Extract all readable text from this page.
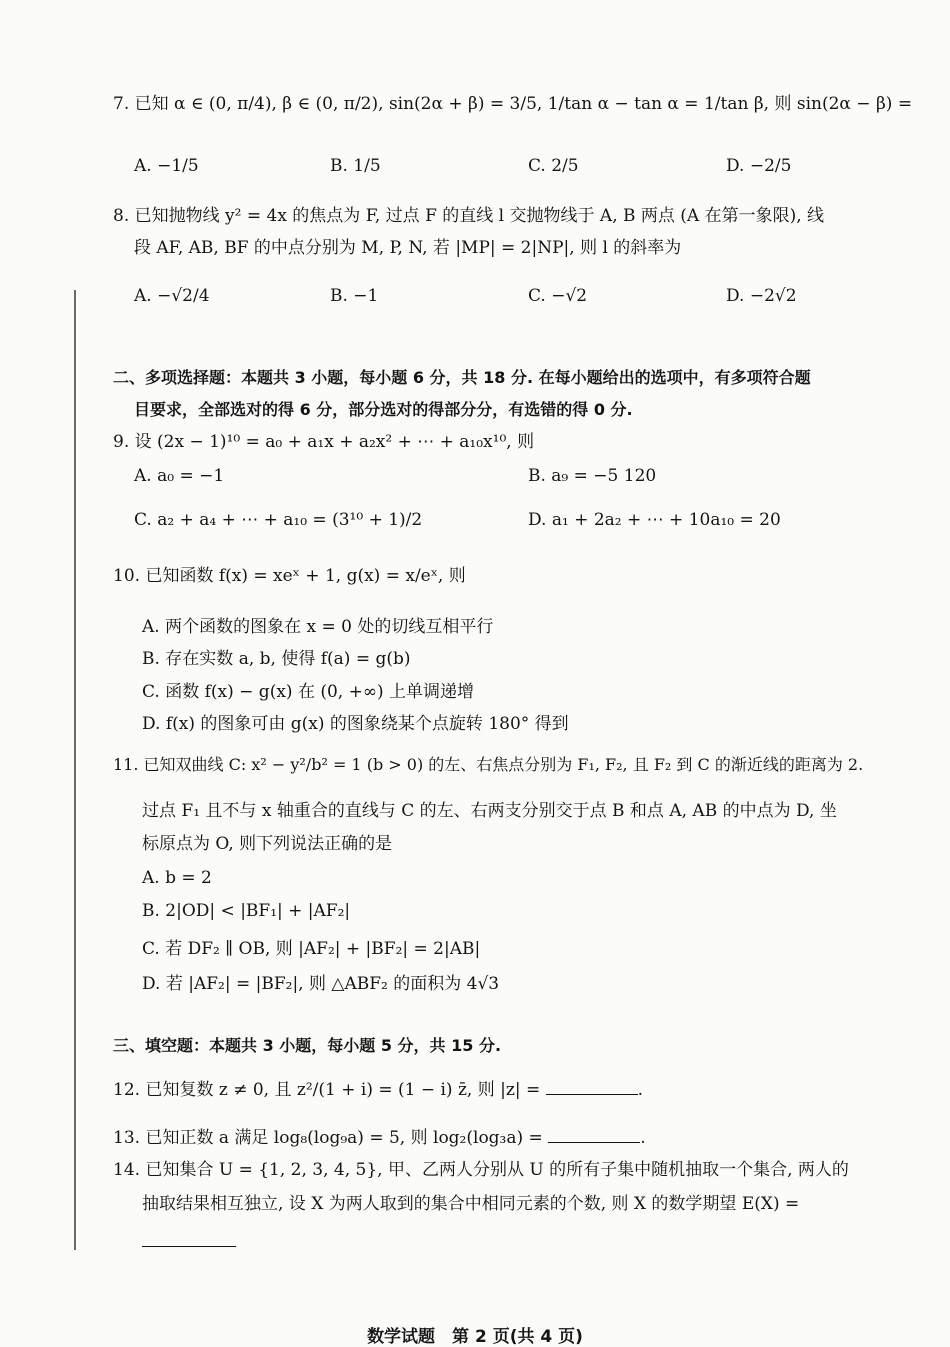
7. 已知 α ∈ (0, π/4), β ∈ (0, π/2), sin(2α + β) = 3/5, 1/tan α − tan α = 1/tan β, 则 sin(2α − β) =
A. −1/5	B. 1/5	C. 2/5	D. −2/5
8. 已知抛物线 y² = 4x 的焦点为 F, 过点 F 的直线 l 交抛物线于 A, B 两点 (A 在第一象限), 线
段 AF, AB, BF 的中点分别为 M, P, N, 若 |MP| = 2|NP|, 则 l 的斜率为
A. −√2/4	B. −1	C. −√2	D. −2√2
二、多项选择题：本题共 3 小题，每小题 6 分，共 18 分. 在每小题给出的选项中，有多项符合题
目要求，全部选对的得 6 分，部分选对的得部分分，有选错的得 0 分.
9. 设 (2x − 1)¹⁰ = a₀ + a₁x + a₂x² + ⋯ + a₁₀x¹⁰, 则
A. a₀ = −1	B. a₉ = −5 120
C. a₂ + a₄ + ⋯ + a₁₀ = (3¹⁰ + 1)/2	D. a₁ + 2a₂ + ⋯ + 10a₁₀ = 20
10. 已知函数 f(x) = xeˣ + 1, g(x) = x/eˣ, 则
A. 两个函数的图象在 x = 0 处的切线互相平行
B. 存在实数 a, b, 使得 f(a) = g(b)
C. 函数 f(x) − g(x) 在 (0, +∞) 上单调递增
D. f(x) 的图象可由 g(x) 的图象绕某个点旋转 180° 得到
11. 已知双曲线 C: x² − y²/b² = 1 (b > 0) 的左、右焦点分别为 F₁, F₂, 且 F₂ 到 C 的渐近线的距离为 2.
过点 F₁ 且不与 x 轴重合的直线与 C 的左、右两支分别交于点 B 和点 A, AB 的中点为 D, 坐
标原点为 O, 则下列说法正确的是
A. b = 2
B. 2|OD| < |BF₁| + |AF₂|
C. 若 DF₂ ∥ OB, 则 |AF₂| + |BF₂| = 2|AB|
D. 若 |AF₂| = |BF₂|, 则 △ABF₂ 的面积为 4√3
三、填空题：本题共 3 小题，每小题 5 分，共 15 分.
12. 已知复数 z ≠ 0, 且 z²/(1 + i) = (1 − i) z̄, 则 |z| =	.
13. 已知正数 a 满足 log₈(log₉a) = 5, 则 log₂(log₃a) =	.
14. 已知集合 U = {1, 2, 3, 4, 5}, 甲、乙两人分别从 U 的所有子集中随机抽取一个集合, 两人的
抽取结果相互独立, 设 X 为两人取到的集合中相同元素的个数, 则 X 的数学期望 E(X) =
数学试题　第 2 页(共 4 页)
